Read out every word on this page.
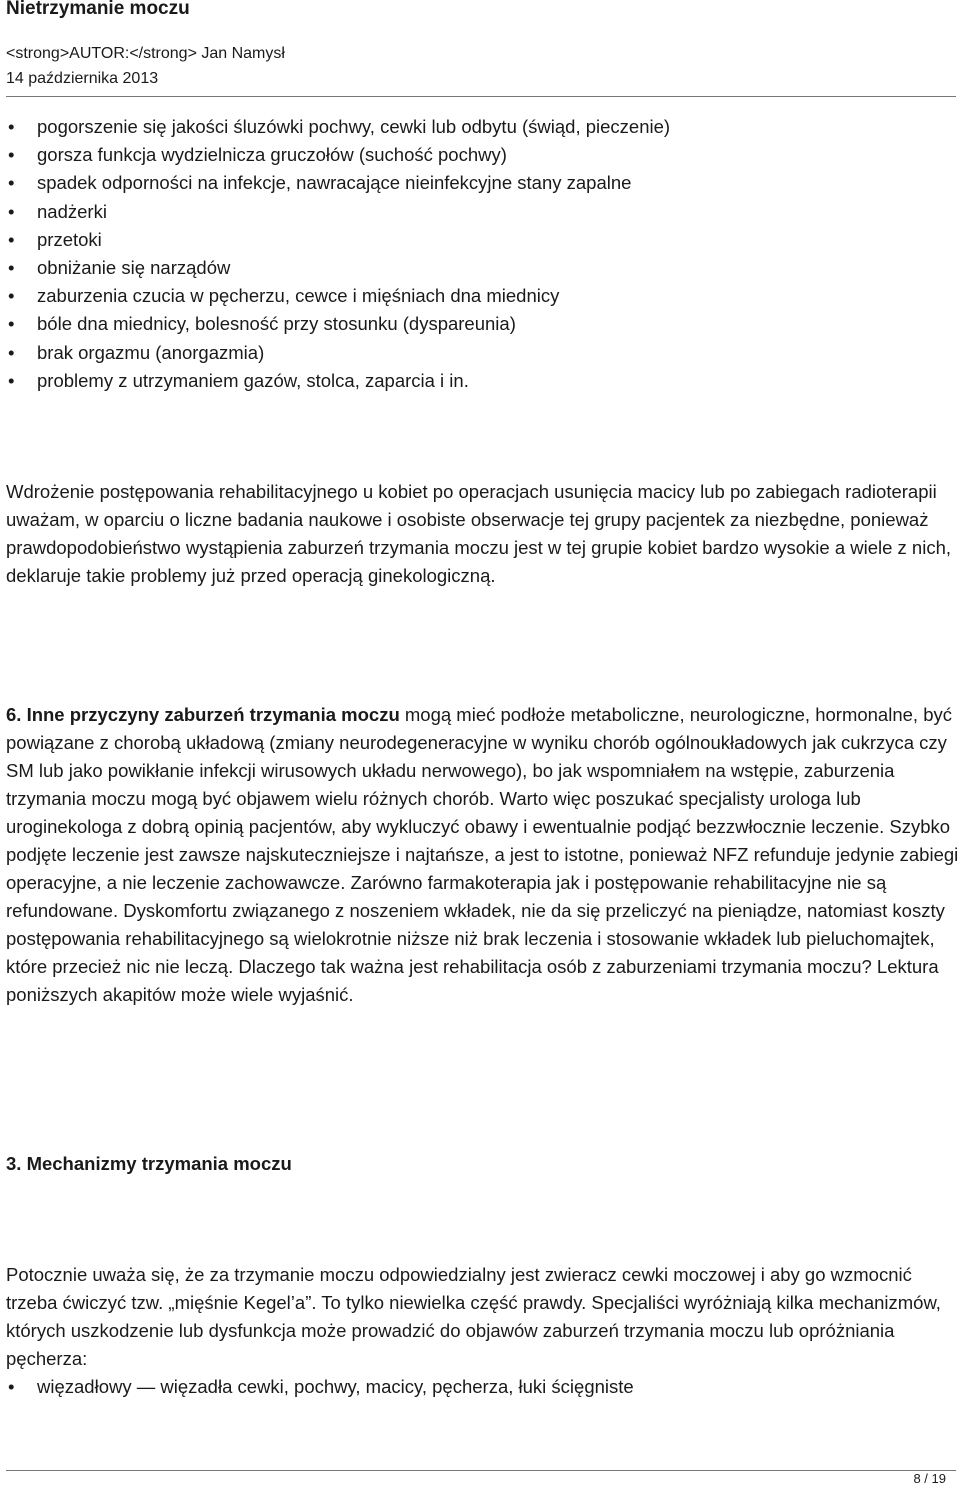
Nietrzymanie moczu
<strong>AUTOR:</strong> Jan Namysł
14 października 2013
• pogorszenie się jakości śluzówki pochwy, cewki lub odbytu (świąd, pieczenie)
• gorsza funkcja wydzielnicza gruczołów (suchość pochwy)
• spadek odporności na infekcje, nawracające nieinfekcyjne stany zapalne
• nadżerki
• przetoki
• obniżanie się narządów
• zaburzenia czucia w pęcherzu, cewce i mięśniach dna miednicy
• bóle dna miednicy, bolesność przy stosunku (dyspareunia)
• brak orgazmu (anorgazmia)
• problemy z utrzymaniem gazów, stolca, zaparcia i in.

Wdrożenie postępowania rehabilitacyjnego u kobiet po operacjach usunięcia macicy lub po zabiegach radioterapii uważam, w oparciu o liczne badania naukowe i osobiste obserwacje tej grupy pacjentek za niezbędne, ponieważ prawdopodobieństwo wystąpienia zaburzeń trzymania moczu jest w tej grupie kobiet bardzo wysokie a wiele z nich, deklaruje takie problemy już przed operacją ginekologiczną.

6. Inne przyczyny zaburzeń trzymania moczu mogą mieć podłoże metaboliczne, neurologiczne, hormonalne, być powiązane z chorobą układową (zmiany neurodegeneracyjne w wyniku chorób ogólnoukładowych jak cukrzyca czy SM lub jako powikłanie infekcji wirusowych układu nerwowego), bo jak wspomniałem na wstępie, zaburzenia trzymania moczu mogą być objawem wielu różnych chorób. Warto więc poszukać specjalisty urologa lub uroginekologa z dobrą opinią pacjentów, aby wykluczyć obawy i ewentualnie podjąć bezzwłocznie leczenie. Szybko podjęte leczenie jest zawsze najskuteczniejsze i najtańsze, a jest to istotne, ponieważ NFZ refunduje jedynie zabiegi operacyjne, a nie leczenie zachowawcze. Zarówno farmakoterapia jak i postępowanie rehabilitacyjne nie są refundowane. Dyskomfortu związanego z noszeniem wkładek, nie da się przeliczyć na pieniądze, natomiast koszty postępowania rehabilitacyjnego są wielokrotnie niższe niż brak leczenia i stosowanie wkładek lub pieluchomajtek, które przecież nic nie leczą. Dlaczego tak ważna jest rehabilitacja osób z zaburzeniami trzymania moczu? Lektura poniższych akapitów może wiele wyjaśnić.

3. Mechanizmy trzymania moczu

Potocznie uważa się, że za trzymanie moczu odpowiedzialny jest zwieracz cewki moczowej i aby go wzmocnić trzeba ćwiczyć tzw. „mięśnie Kegel’a”. To tylko niewielka część prawdy. Specjaliści wyróżniają kilka mechanizmów, których uszkodzenie lub dysfunkcja może prowadzić do objawów zaburzeń trzymania moczu lub opróżniania pęcherza:

• więzadłowy — więzadła cewki, pochwy, macicy, pęcherza, łuki ścięgniste
8 / 19
